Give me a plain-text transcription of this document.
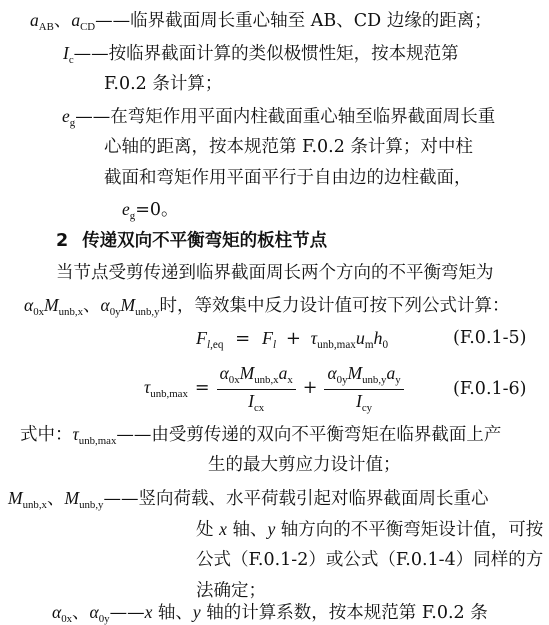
$a_{AB}$、$a_{CD}——$临界截面周长重心轴至 AB、CD 边缘的距离；
$I_c——$按临界截面计算的类似极惯性矩，按本规范第
F.0.2 条计算；
$e_g——$在弯矩作用平面内柱截面重心轴至临界截面周长重
心轴的距离，按本规范第 F.0.2 条计算；对中柱
截面和弯矩作用平面平行于自由边的边柱截面，
$e_g=0$。
2 传递双向不平衡弯矩的板柱节点
当节点受剪传递到临界截面周长两个方向的不平衡弯矩为
$\alpha_{0x}M_{unb,x}$、$\alpha_{0y}M_{unb,y}$时，等效集中反力设计值可按下列公式计算：
$F_{l,eq} = F_l + \tau_{unb,max}u_mh_0$	(F.0.1-5)
$\tau_{unb,max} = \frac{\alpha_{0x}M_{unb,x}a_x}{I_{cx}} + \frac{\alpha_{0y}M_{unb,y}a_y}{I_{cy}}$	(F.0.1-6)
式中：$\tau_{unb,max}——$由受剪传递的双向不平衡弯矩在临界截面上产
生的最大剪应力设计值；
$M_{unb,x}$、$M_{unb,y}——$竖向荷载、水平荷载引起对临界截面周长重心
处 x 轴、y 轴方向的不平衡弯矩设计值，可按
公式（F.0.1-2）或公式（F.0.1-4）同样的方
法确定；
$\alpha_{0x}$、$\alpha_{0y}——x$ 轴、y 轴的计算系数，按本规范第 F.0.2 条
